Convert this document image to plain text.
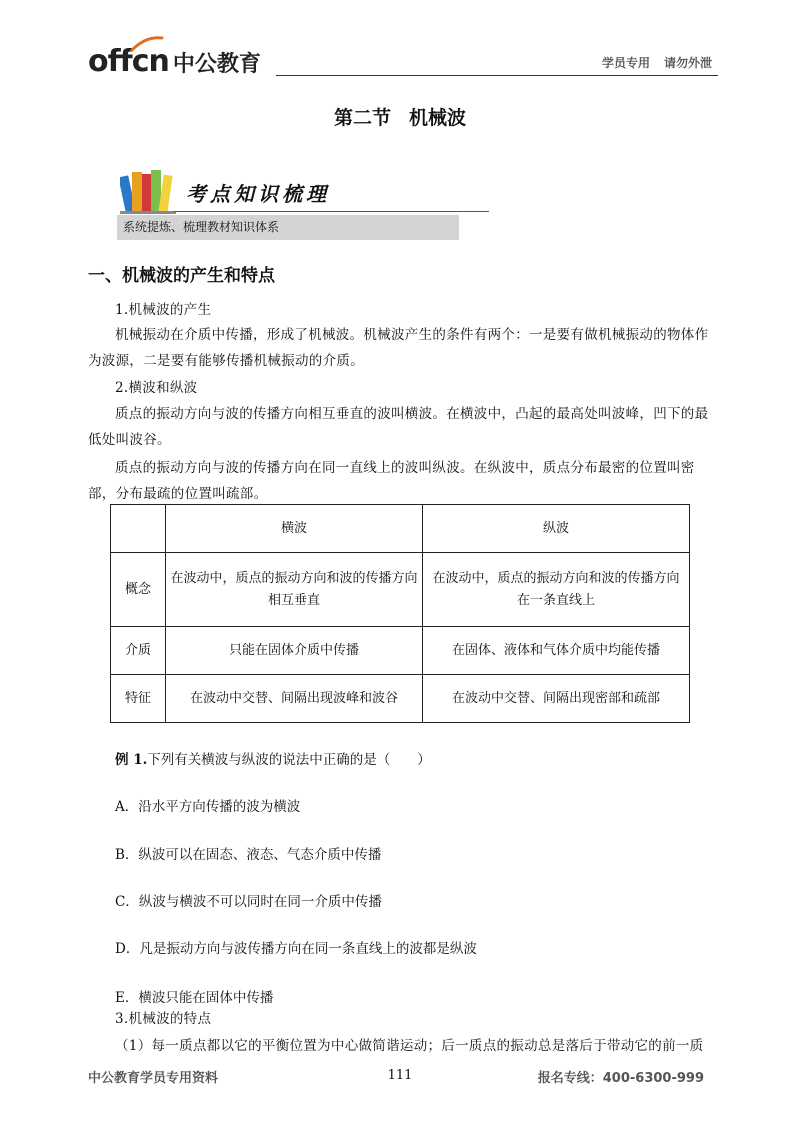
offcn 中公教育	学员专用 请勿外泄
第二节 机械波
考点知识梳理
系统提炼、梳理教材知识体系
一、机械波的产生和特点
1.机械波的产生
机械振动在介质中传播，形成了机械波。机械波产生的条件有两个：一是要有做机械振动的物体作为波源，二是要有能够传播机械振动的介质。
2.横波和纵波
质点的振动方向与波的传播方向相互垂直的波叫横波。在横波中，凸起的最高处叫波峰，凹下的最低处叫波谷。
质点的振动方向与波的传播方向在同一直线上的波叫纵波。在纵波中，质点分布最密的位置叫密部，分布最疏的位置叫疏部。
	横波	纵波
概念	在波动中，质点的振动方向和波的传播方向相互垂直	在波动中，质点的振动方向和波的传播方向在一条直线上
介质	只能在固体介质中传播	在固体、液体和气体介质中均能传播
特征	在波动中交替、间隔出现波峰和波谷	在波动中交替、间隔出现密部和疏部
例 1.下列有关横波与纵波的说法中正确的是（　　）
A．沿水平方向传播的波为横波
B．纵波可以在固态、液态、气态介质中传播
C．纵波与横波不可以同时在同一介质中传播
D．凡是振动方向与波传播方向在同一条直线上的波都是纵波
E．横波只能在固体中传播
3.机械波的特点
（1）每一质点都以它的平衡位置为中心做简谐运动；后一质点的振动总是落后于带动它的前一质
中公教育学员专用资料	111	报名专线：400-6300-999
